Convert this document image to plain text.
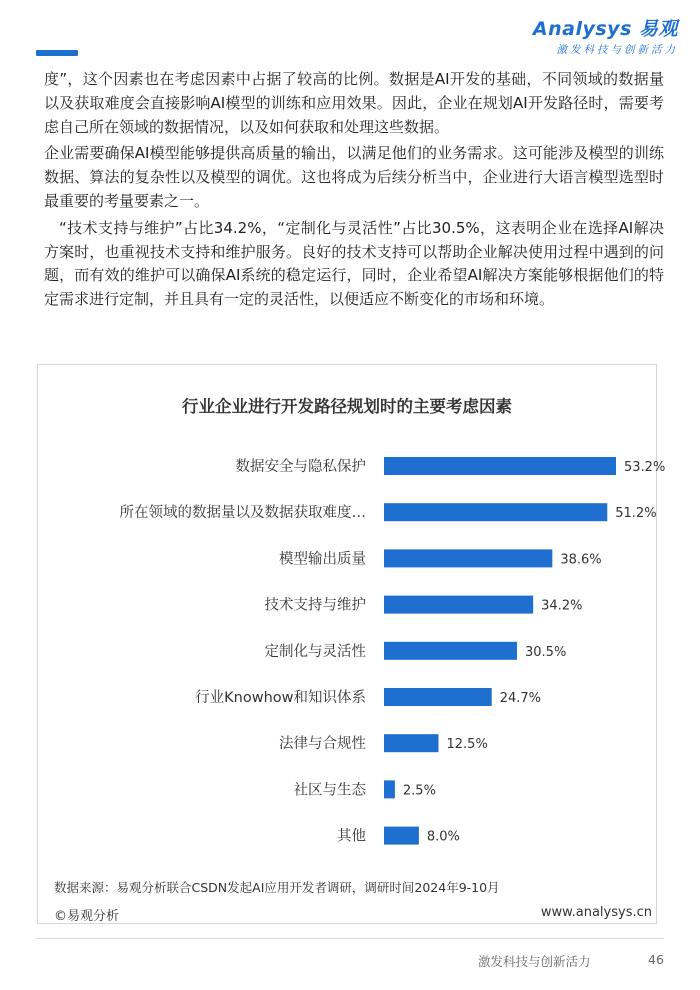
Analysys 易观
激发科技与创新活力

度”，这个因素也在考虑因素中占据了较高的比例。数据是AI开发的基础，不同领域的数据量以及获取难度会直接影响AI模型的训练和应用效果。因此，企业在规划AI开发路径时，需要考虑自己所在领域的数据情况，以及如何获取和处理这些数据。

企业需要确保AI模型能够提供高质量的输出，以满足他们的业务需求。这可能涉及模型的训练数据、算法的复杂性以及模型的调优。这也将成为后续分析当中，企业进行大语言模型选型时最重要的考量要素之一。

“技术支持与维护”占比34.2%，“定制化与灵活性”占比30.5%，这表明企业在选择AI解决方案时，也重视技术支持和维护服务。良好的技术支持可以帮助企业解决使用过程中遇到的问题，而有效的维护可以确保AI系统的稳定运行，同时，企业希望AI解决方案能够根据他们的特定需求进行定制，并且具有一定的灵活性，以便适应不断变化的市场和环境。

行业企业进行开发路径规划时的主要考虑因素
数据安全与隐私保护	53.2%
所在领域的数据量以及数据获取难度…	51.2%
模型输出质量	38.6%
技术支持与维护	34.2%
定制化与灵活性	30.5%
行业Knowhow和知识体系	24.7%
法律与合规性	12.5%
社区与生态	2.5%
其他	8.0%
数据来源：易观分析联合CSDN发起AI应用开发者调研，调研时间2024年9-10月
©易观分析	www.analysys.cn
激发科技与创新活力	46
